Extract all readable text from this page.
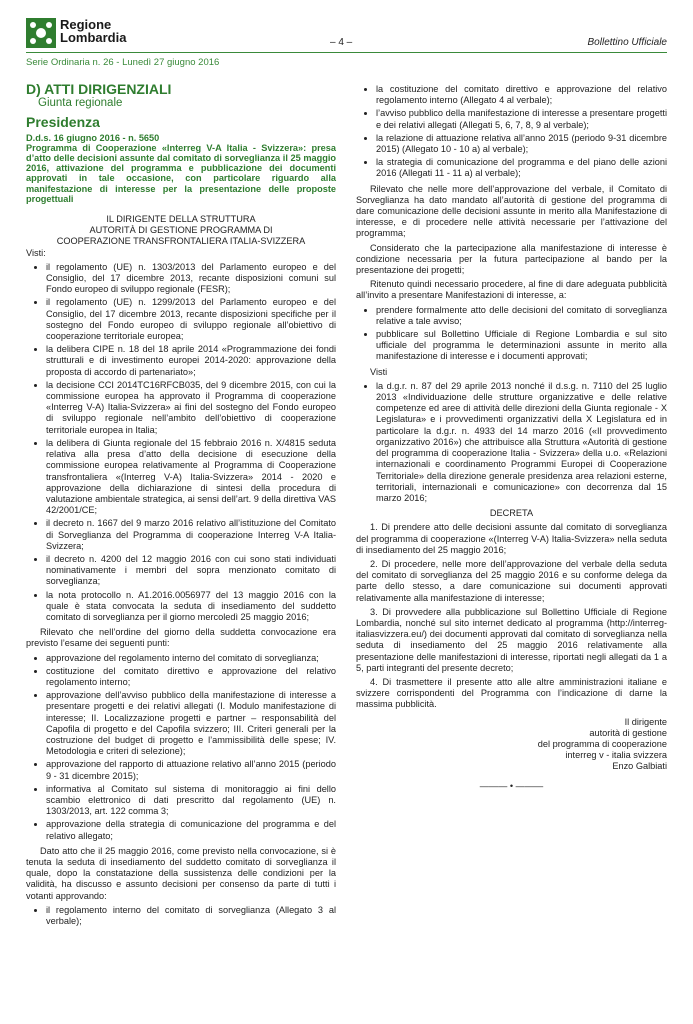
Regione
Lombardia	– 4 –	Bollettino Ufficiale
Serie Ordinaria n. 26 - Lunedì 27 giugno 2016
D) ATTI DIRIGENZIALI
Giunta regionale
Presidenza
D.d.s. 16 giugno 2016 - n. 5650
Programma di Cooperazione «Interreg V-A Italia - Svizzera»: presa d’atto delle decisioni assunte dal comitato di sorveglianza il 25 maggio 2016, attivazione del programma e pubblicazione dei documenti approvati in tale occasione, con particolare riguardo alla manifestazione di interesse per la presentazione delle proposte progettuali
IL DIRIGENTE DELLA STRUTTURA
AUTORITÀ DI GESTIONE PROGRAMMA DI
COOPERAZIONE TRANSFRONTALIERA ITALIA-SVIZZERA

Visti:

• il regolamento (UE) n. 1303/2013 del Parlamento europeo e del Consiglio, del 17 dicembre 2013, recante disposizioni comuni sul Fondo europeo di sviluppo regionale (FESR);
• il regolamento (UE) n. 1299/2013 del Parlamento europeo e del Consiglio, del 17 dicembre 2013, recante disposizioni specifiche per il sostegno del Fondo europeo di sviluppo regionale all’obiettivo di cooperazione territoriale europea;
• la delibera CIPE n. 18 del 18 aprile 2014 «Programmazione dei fondi strutturali e di investimento europei 2014-2020: approvazione della proposta di accordo di partenariato»;
• la decisione CCI 2014TC16RFCB035, del 9 dicembre 2015, con cui la commissione europea ha approvato il Programma di cooperazione «Interreg V-A) Italia-Svizzera» ai fini del sostegno del Fondo europeo di sviluppo regionale nell’ambito dell’obiettivo di cooperazione territoriale europea in Italia;
• la delibera di Giunta regionale del 15 febbraio 2016 n. X/4815 seduta relativa alla presa d’atto della decisione di esecuzione della commissione europea relativamente al Programma di Cooperazione transfrontaliera «(Interreg V-A) Italia-Svizzera» 2014 - 2020 e approvazione della dichiarazione di sintesi della procedura di valutazione ambientale strategica, ai sensi dell’art. 9 della direttiva VAS 42/2001/CE;
• il decreto n. 1667 del 9 marzo 2016 relativo all’istituzione del Comitato di Sorveglianza del Programma di cooperazione Interreg V-A Italia-Svizzera;
• il decreto n. 4200 del 12 maggio 2016 con cui sono stati individuati nominativamente i membri del sopra menzionato comitato di sorveglianza;
• la nota protocollo n. A1.2016.0056977 del 13 maggio 2016 con la quale è stata convocata la seduta di insediamento del suddetto comitato di sorveglianza per il giorno mercoledì 25 maggio 2016;

Rilevato che nell’ordine del giorno della suddetta convocazione era previsto l’esame dei seguenti punti:

• approvazione del regolamento interno del comitato di sorveglianza;
• costituzione del comitato direttivo e approvazione del relativo regolamento interno;
• approvazione dell’avviso pubblico della manifestazione di interesse a presentare progetti e dei relativi allegati (I. Modulo manifestazione di interesse; II. Localizzazione progetti e partner – responsabilità del Capofila di progetto e del Capofila svizzero; III. Criteri generali per la costruzione del budget di progetto e l’ammissibilità delle spese; IV. Metodologia e criteri di selezione);
• approvazione del rapporto di attuazione relativo all’anno 2015 (periodo 9 - 31 dicembre 2015);
• informativa al Comitato sul sistema di monitoraggio ai fini dello scambio elettronico di dati prescritto dal regolamento (UE) n. 1303/2013, art. 122 comma 3;
• approvazione della strategia di comunicazione del programma e del relativo allegato;

Dato atto che il 25 maggio 2016, come previsto nella convocazione, si è tenuta la seduta di insediamento del suddetto comitato di sorveglianza il quale, dopo la constatazione della sussistenza delle condizioni per la validità, ha discusso e assunto decisioni per consenso da parte di tutti i votanti approvando:

• il regolamento interno del comitato di sorveglianza (Allegato 3 al verbale);
• la costituzione del comitato direttivo e approvazione del relativo regolamento interno (Allegato 4 al verbale);
• l’avviso pubblico della manifestazione di interesse a presentare progetti e dei relativi allegati (Allegati 5, 6, 7, 8, 9 al verbale);
• la relazione di attuazione relativa all’anno 2015 (periodo 9-31 dicembre 2015) (Allegato 10 - 10 a) al verbale);
• la strategia di comunicazione del programma e del piano delle azioni 2016 (Allegati 11 - 11 a) al verbale);

Rilevato che nelle more dell’approvazione del verbale, il Comitato di Sorveglianza ha dato mandato all’autorità di gestione del programma di dare comunicazione delle decisioni assunte in merito alla Manifestazione di interesse, e di procedere nelle attività necessarie per l’attivazione del programma;

Considerato che la partecipazione alla manifestazione di interesse è condizione necessaria per la futura partecipazione al bando per la presentazione dei progetti;

Ritenuto quindi necessario procedere, al fine di dare adeguata pubblicità all’invito a presentare Manifestazioni di interesse, a:

• prendere formalmente atto delle decisioni del comitato di sorveglianza relative a tale avviso;
• pubblicare sul Bollettino Ufficiale di Regione Lombardia e sul sito ufficiale del programma le determinazioni assunte in merito alla manifestazione di interesse e i documenti approvati;

Visti

• la d.g.r. n. 87 del 29 aprile 2013 nonché il d.s.g. n. 7110 del 25 luglio 2013 «Individuazione delle strutture organizzative e delle relative competenze ed aree di attività delle direzioni della Giunta regionale - X Legislatura» e i provvedimenti organizzativi della X Legislatura ed in particolare la d.g.r. n. 4933 del 14 marzo 2016 («Il provvedimento organizzativo 2016») che attribuisce alla Struttura «Autorità di gestione del programma di cooperazione Italia - Svizzera» della u.o. «Relazioni internazionali e coordinamento Programmi Europei di Cooperazione Territoriale» della direzione generale presidenza area relazioni esterne, territoriali, internazionali e comunicazione» con decorrenza dal 15 marzo 2016;

DECRETA

1. Di prendere atto delle decisioni assunte dal comitato di sorveglianza del programma di cooperazione «(Interreg V-A) Italia-Svizzera» nella seduta di insediamento del 25 maggio 2016;

2. Di procedere, nelle more dell’approvazione del verbale della seduta del comitato di sorveglianza del 25 maggio 2016 e su conforme delega da parte dello stesso, a dare comunicazione sui documenti approvati relativamente alla manifestazione di interesse;

3. Di provvedere alla pubblicazione sul Bollettino Ufficiale di Regione Lombardia, nonché sul sito internet dedicato al programma (http://interreg-italiasvizzera.eu/) dei documenti approvati dal comitato di sorveglianza nella seduta di insediamento del 25 maggio 2016 relativamente alla presentazione delle manifestazioni di interesse, riportati negli allegati da 1 a 5, parti integranti del presente decreto;

4. Di trasmettere il presente atto alle altre amministrazioni italiane e svizzere corrispondenti del Programma con l’indicazione di darne la massima pubblicità.

Il dirigente
autorità di gestione
del programma di cooperazione
interreg v - italia svizzera
Enzo Galbiati
——— • ———
